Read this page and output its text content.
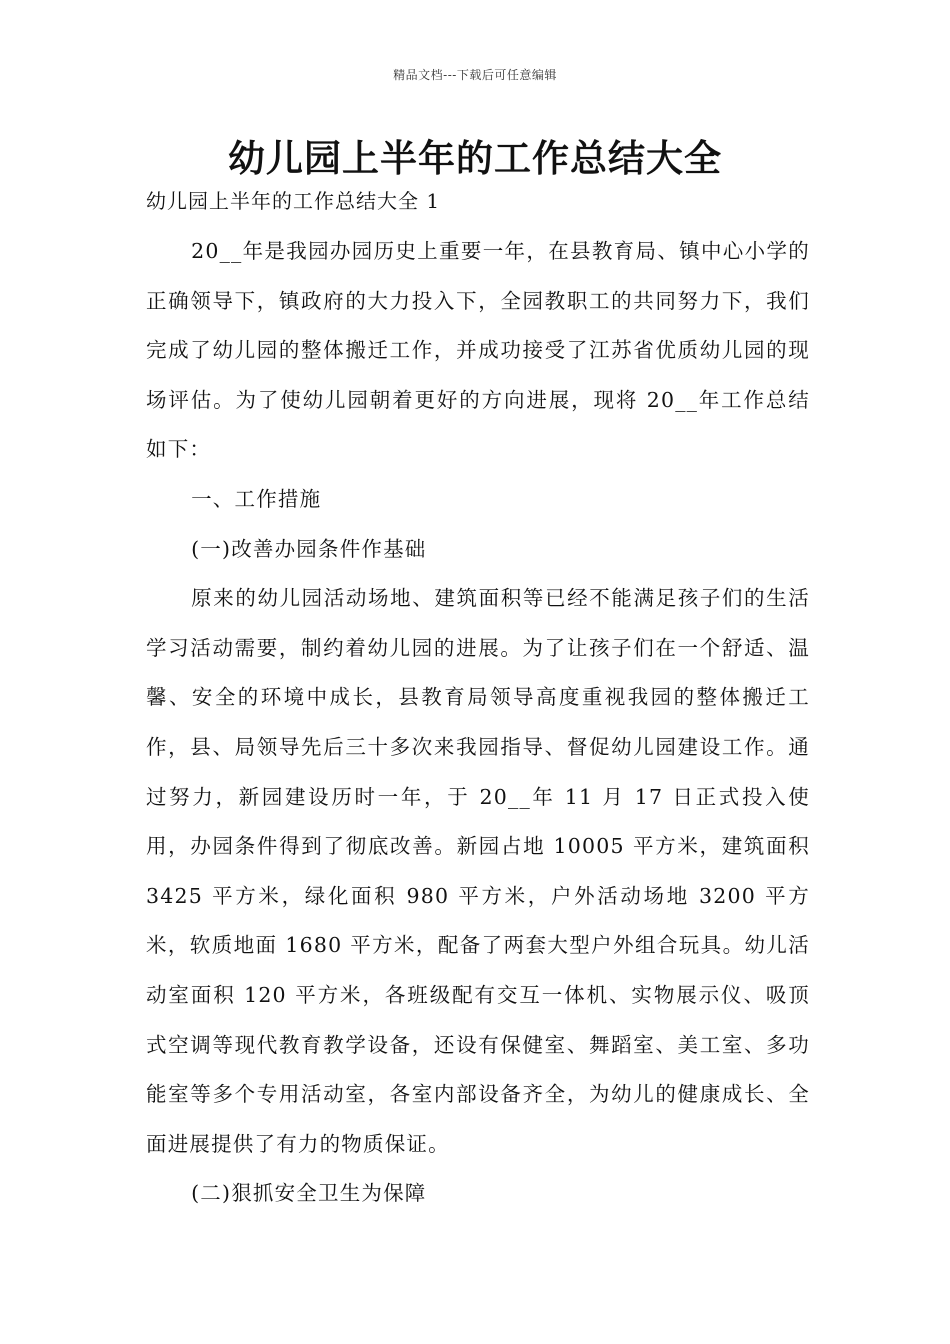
精品文档---下载后可任意编辑
幼儿园上半年的工作总结大全
幼儿园上半年的工作总结大全 1

20__年是我园办园历史上重要一年，在县教育局、镇中心小学的正确领导下，镇政府的大力投入下，全园教职工的共同努力下，我们完成了幼儿园的整体搬迁工作，并成功接受了江苏省优质幼儿园的现场评估。为了使幼儿园朝着更好的方向进展，现将 20__年工作总结如下：

一、工作措施

(一)改善办园条件作基础

原来的幼儿园活动场地、建筑面积等已经不能满足孩子们的生活学习活动需要，制约着幼儿园的进展。为了让孩子们在一个舒适、温馨、安全的环境中成长，县教育局领导高度重视我园的整体搬迁工作，县、局领导先后三十多次来我园指导、督促幼儿园建设工作。通过努力，新园建设历时一年，于 20__年 11 月 17 日正式投入使用，办园条件得到了彻底改善。新园占地 10005 平方米，建筑面积 3425 平方米，绿化面积 980 平方米，户外活动场地 3200 平方米，软质地面 1680 平方米，配备了两套大型户外组合玩具。幼儿活动室面积 120 平方米，各班级配有交互一体机、实物展示仪、吸顶式空调等现代教育教学设备，还设有保健室、舞蹈室、美工室、多功能室等多个专用活动室，各室内部设备齐全，为幼儿的健康成长、全面进展提供了有力的物质保证。

(二)狠抓安全卫生为保障
